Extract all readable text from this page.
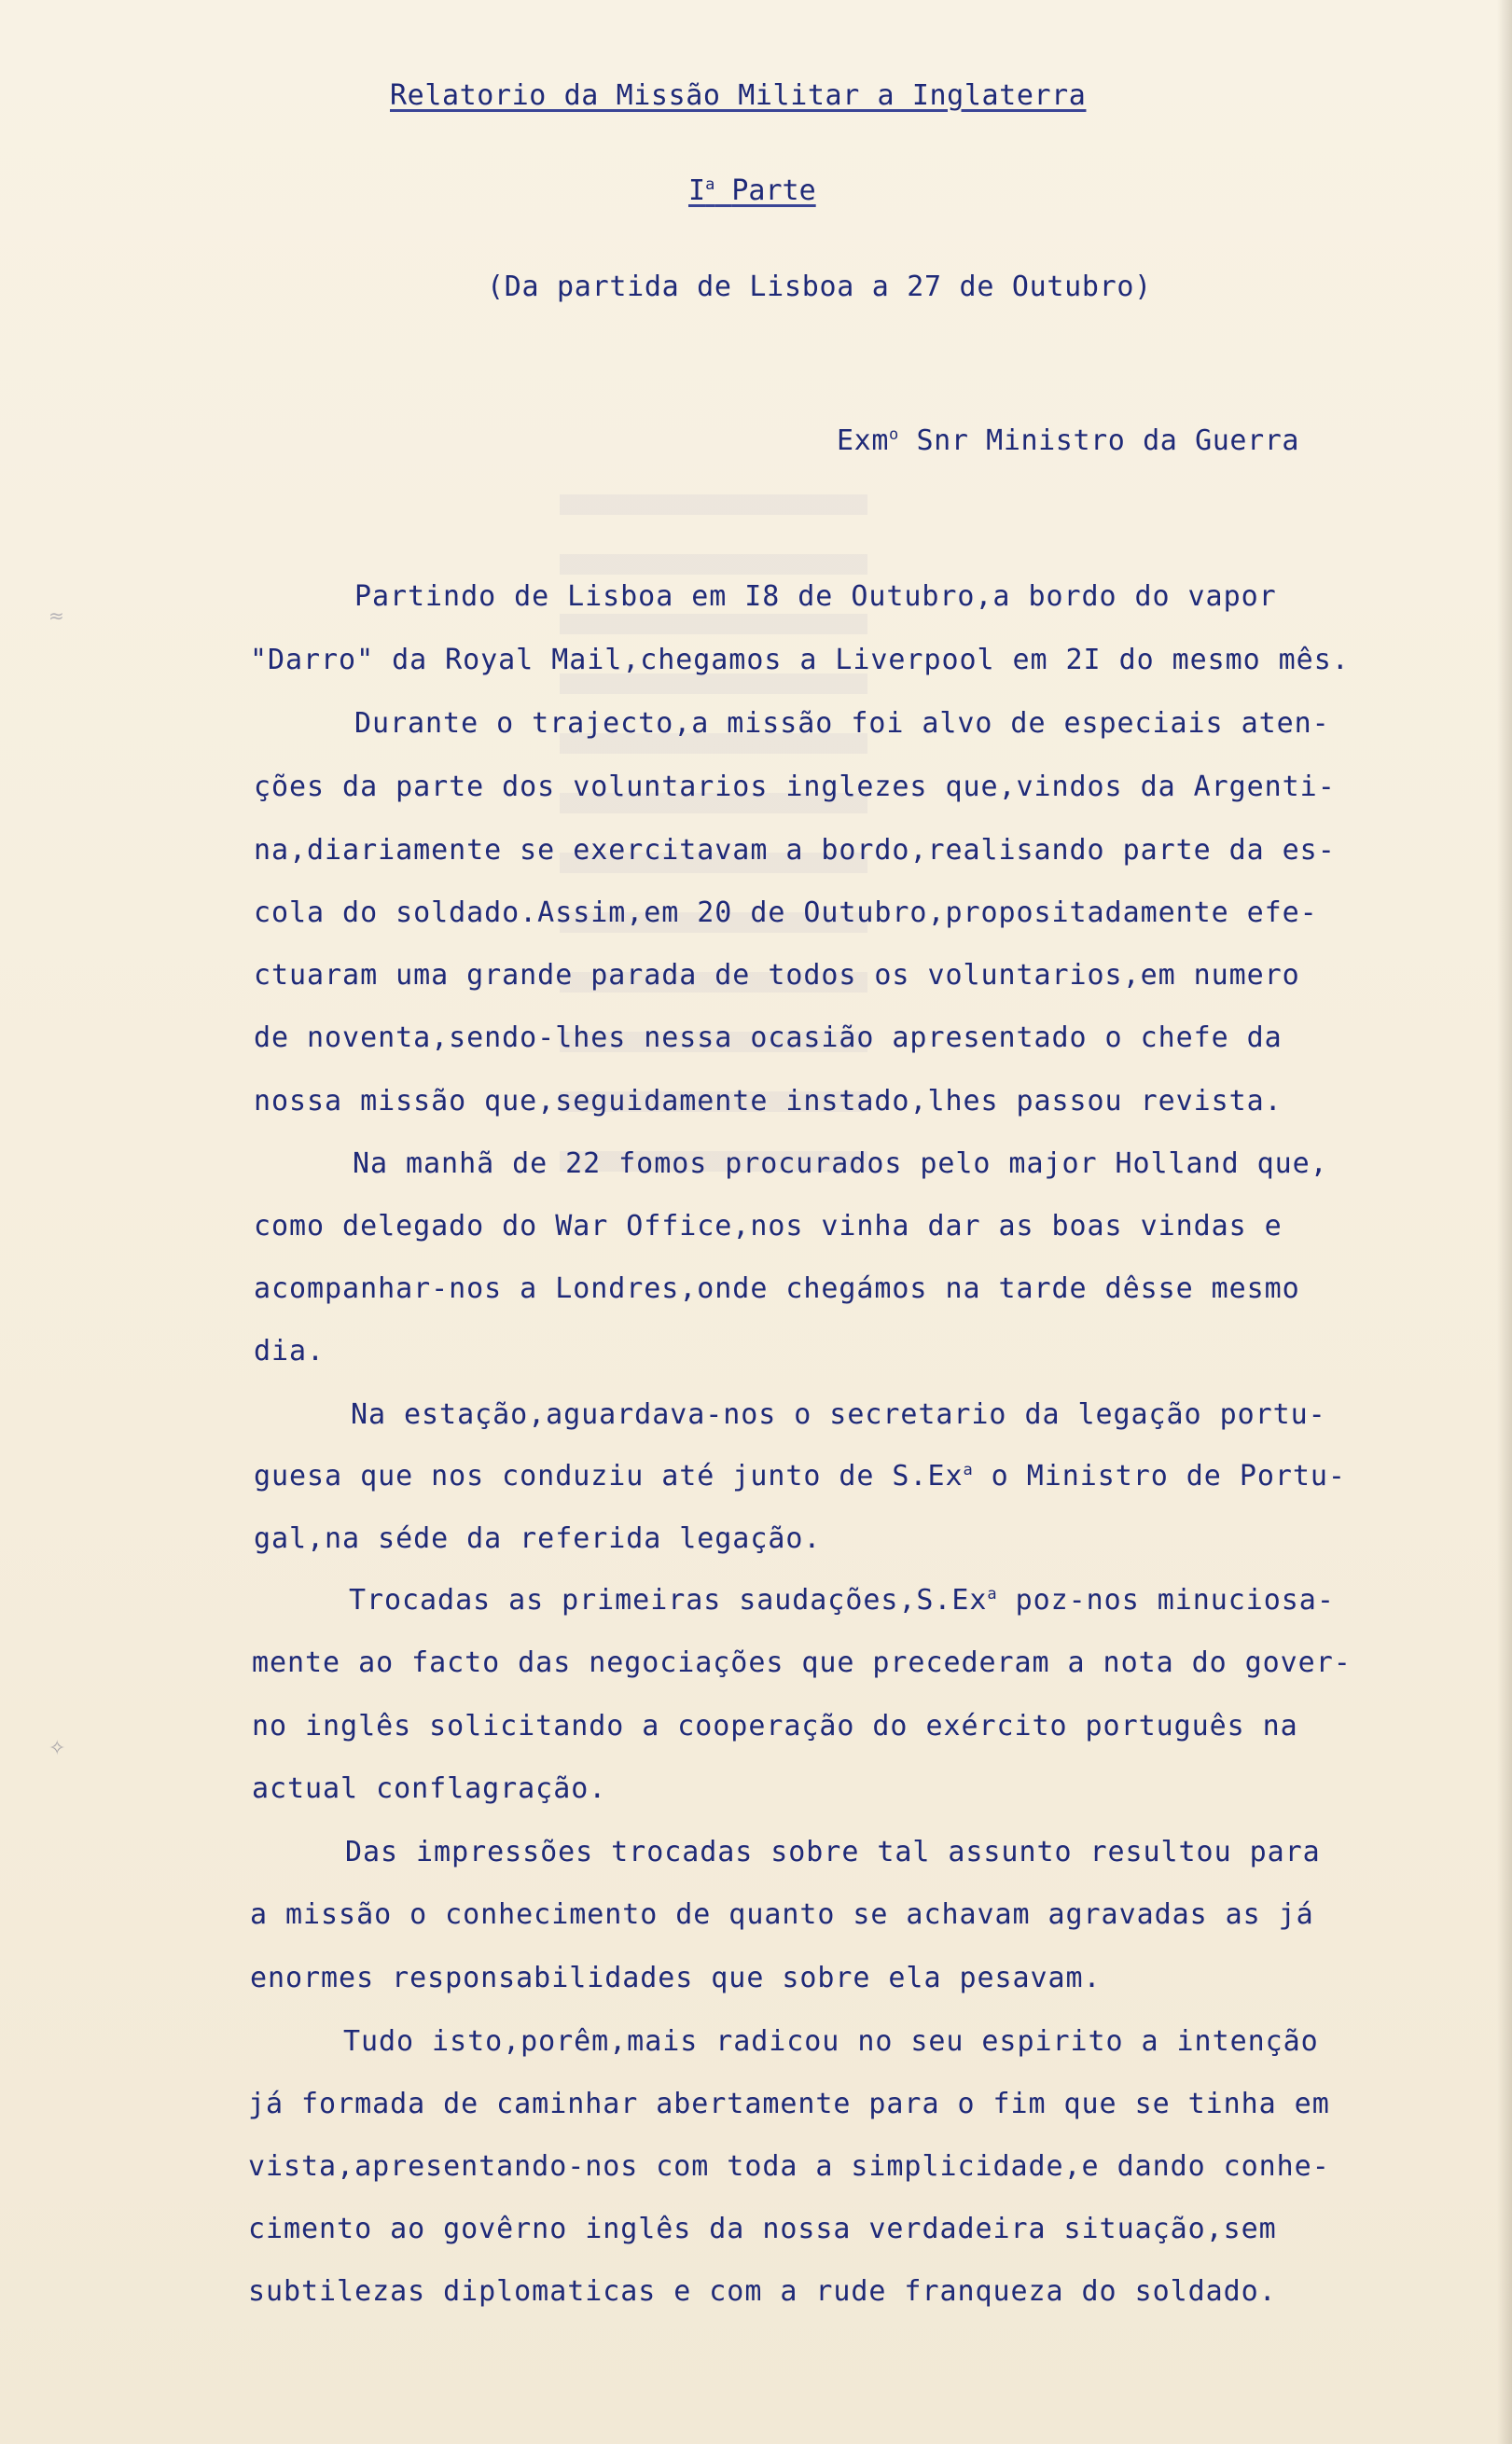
≈
✧
Relatorio da Missão Militar a Inglaterra
$I^a$ Parte
(Da partida de Lisboa a 27 de Outubro)
Exm$^o$ Snr Ministro da Guerra
Partindo de Lisboa em I8 de Outubro,a bordo do vapor
"Darro" da Royal Mail,chegamos a Liverpool em 2I do mesmo mês.
Durante o trajecto,a missão foi alvo de especiais aten-
ções da parte dos voluntarios inglezes que,vindos da Argenti-
na,diariamente se exercitavam a bordo,realisando parte da es-
cola do soldado.Assim,em 20 de Outubro,propositadamente efe-
ctuaram uma grande parada de todos os voluntarios,em numero
de noventa,sendo-lhes nessa ocasião apresentado o chefe da
nossa missão que,seguidamente instado,lhes passou revista.
Na manhã de 22 fomos procurados pelo major Holland que,
como delegado do War Office,nos vinha dar as boas vindas e
acompanhar-nos a Londres,onde chegámos na tarde dêsse mesmo
dia.
Na estação,aguardava-nos o secretario da legação portu-
guesa que nos conduziu até junto de S.Ex$^a$ o Ministro de Portu-
gal,na séde da referida legação.
Trocadas as primeiras saudações,S.Ex$^a$ poz-nos minuciosa-
mente ao facto das negociações que precederam a nota do gover-
no inglês solicitando a cooperação do exército português na
actual conflagração.
Das impressões trocadas sobre tal assunto resultou para
a missão o conhecimento de quanto se achavam agravadas as já
enormes responsabilidades que sobre ela pesavam.
Tudo isto,porêm,mais radicou no seu espirito a intenção
já formada de caminhar abertamente para o fim que se tinha em
vista,apresentando-nos com toda a simplicidade,e dando conhe-
cimento ao govêrno inglês da nossa verdadeira situação,sem
subtilezas diplomaticas e com a rude franqueza do soldado.
